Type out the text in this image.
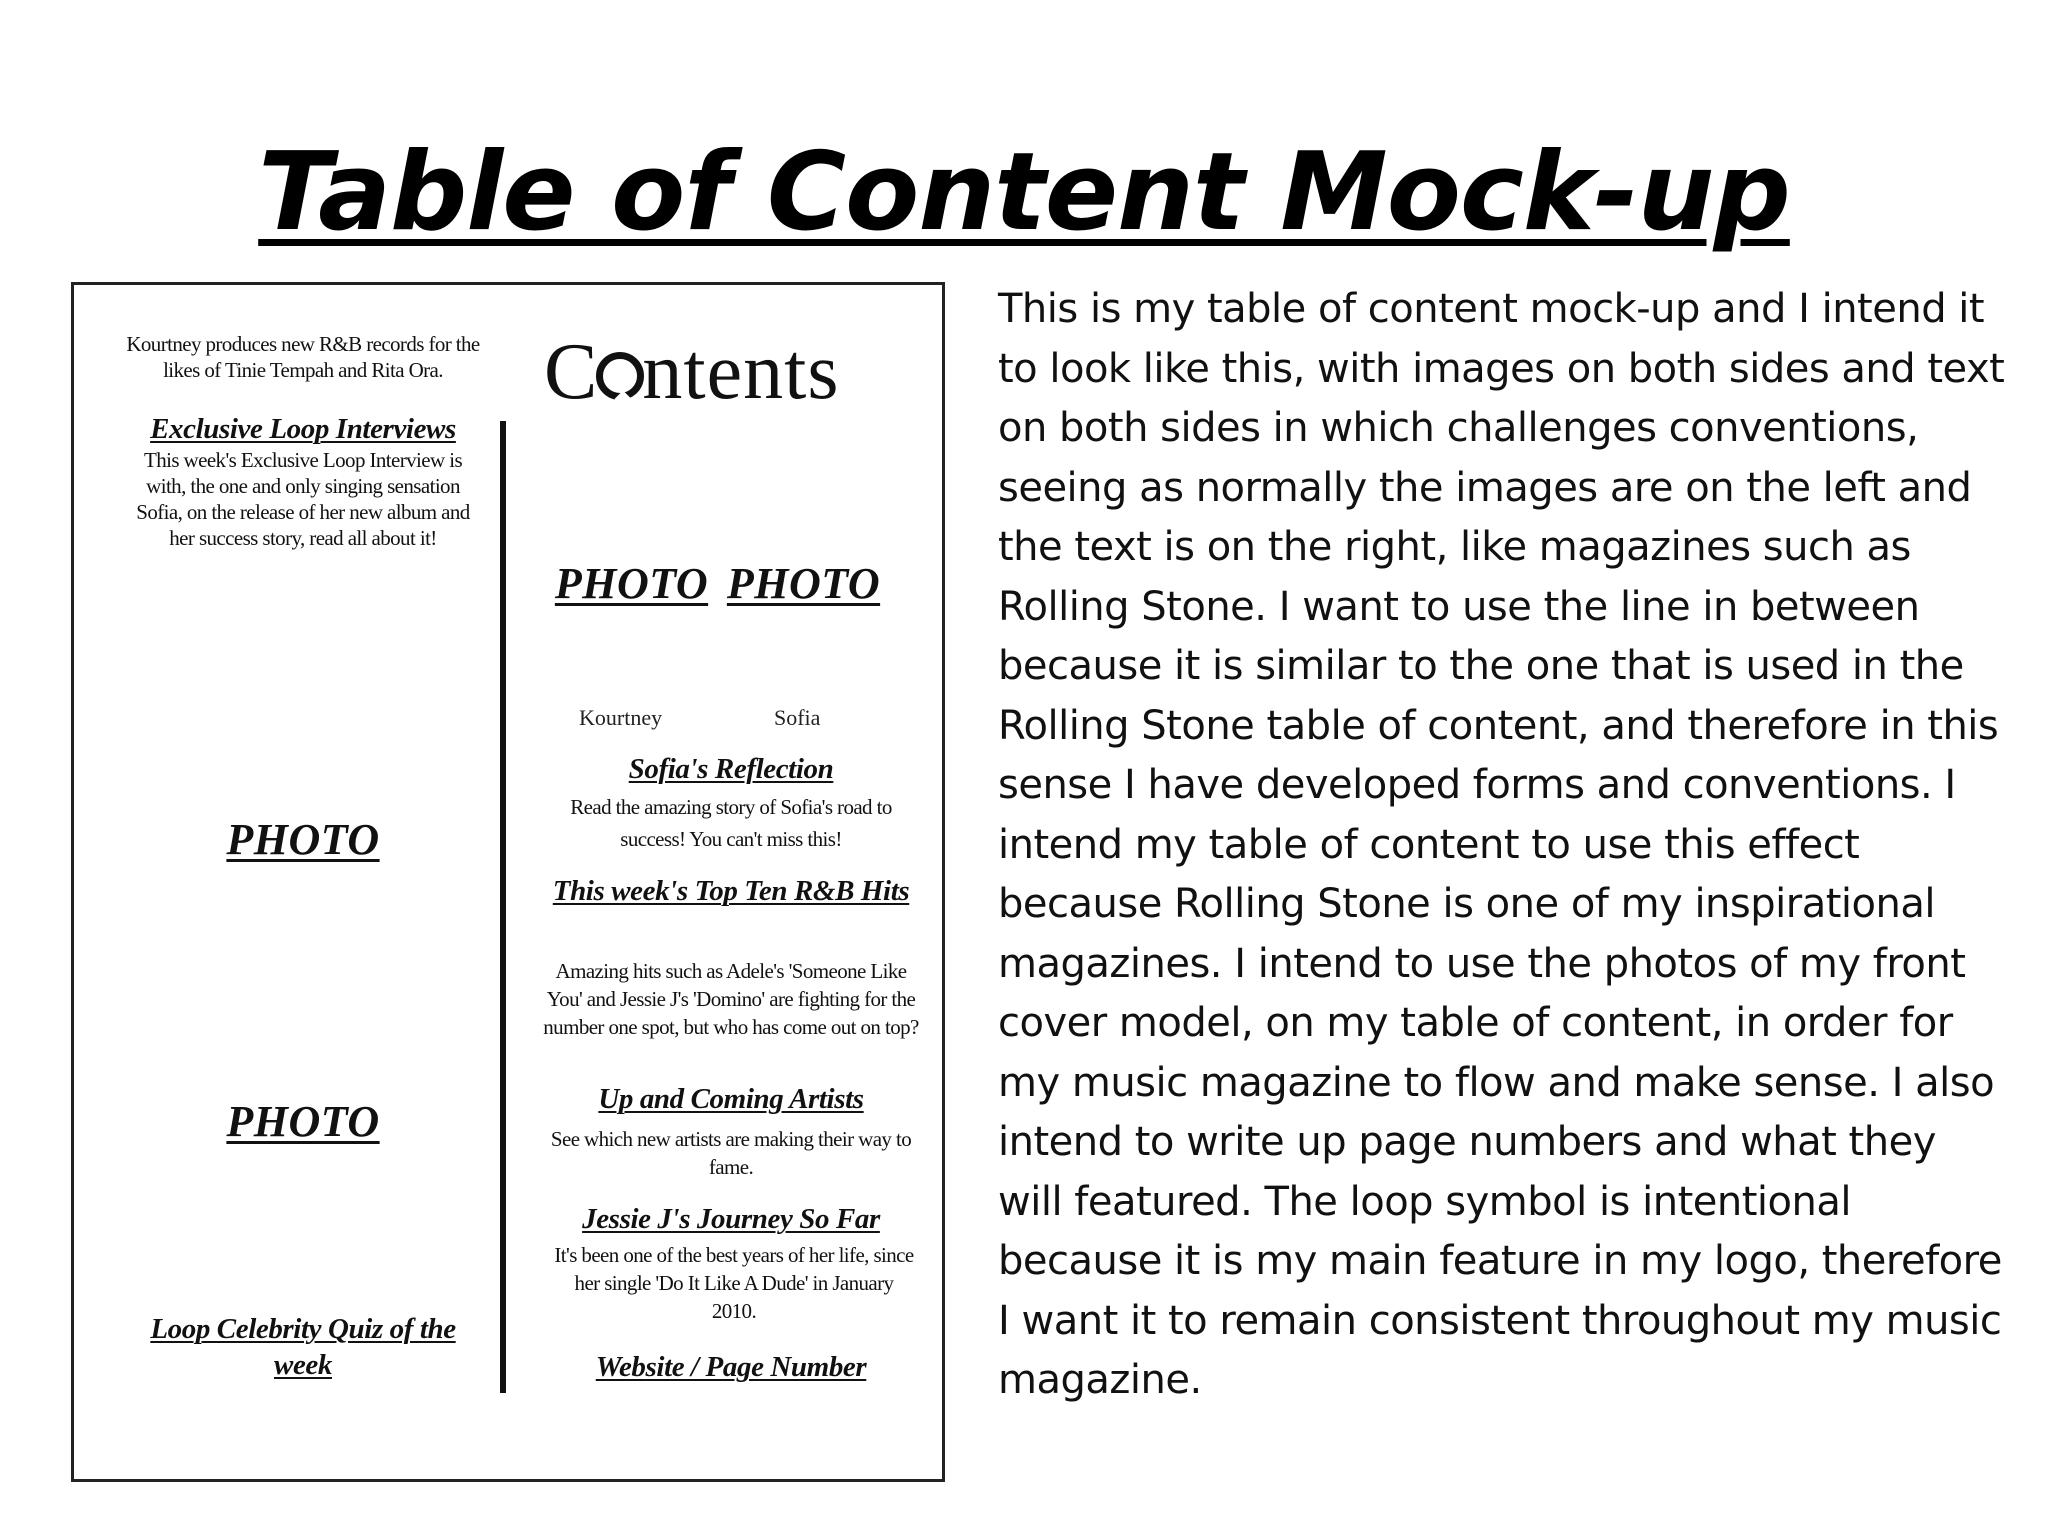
Table of Content Mock-up
Kourtney produces new R&B records for the likes of Tinie Tempah and Rita Ora.
Exclusive Loop Interviews
This week's Exclusive Loop Interview is with, the one and only singing sensation Sofia, on the release of her new album and her success story, read all about it!
PHOTO
PHOTO
Loop Celebrity Quiz of the week
C ntents
PHOTO PHOTO
Kourtney	Sofia
Sofia's Reflection
Read the amazing story of Sofia's road to success! You can't miss this!
This week's Top Ten R&B Hits
Amazing hits such as Adele's 'Someone Like You' and Jessie J's 'Domino' are fighting for the number one spot, but who has come out on top?
Up and Coming Artists
See which new artists are making their way to fame.
Jessie J's Journey So Far
It's been one of the best years of her life, since her single 'Do It Like A Dude' in January 2010.
Website / Page Number

This is my table of content mock-up and I intend it to look like this, with images on both sides and text on both sides in which challenges conventions, seeing as normally the images are on the left and the text is on the right, like magazines such as Rolling Stone. I want to use the line in between because it is similar to the one that is used in the Rolling Stone table of content, and therefore in this sense I have developed forms and conventions. I intend my table of content to use this effect because Rolling Stone is one of my inspirational magazines. I intend to use the photos of my front cover model, on my table of content, in order for my music magazine to flow and make sense. I also intend to write up page numbers and what they will featured. The loop symbol is intentional because it is my main feature in my logo, therefore I want it to remain consistent throughout my music magazine.
